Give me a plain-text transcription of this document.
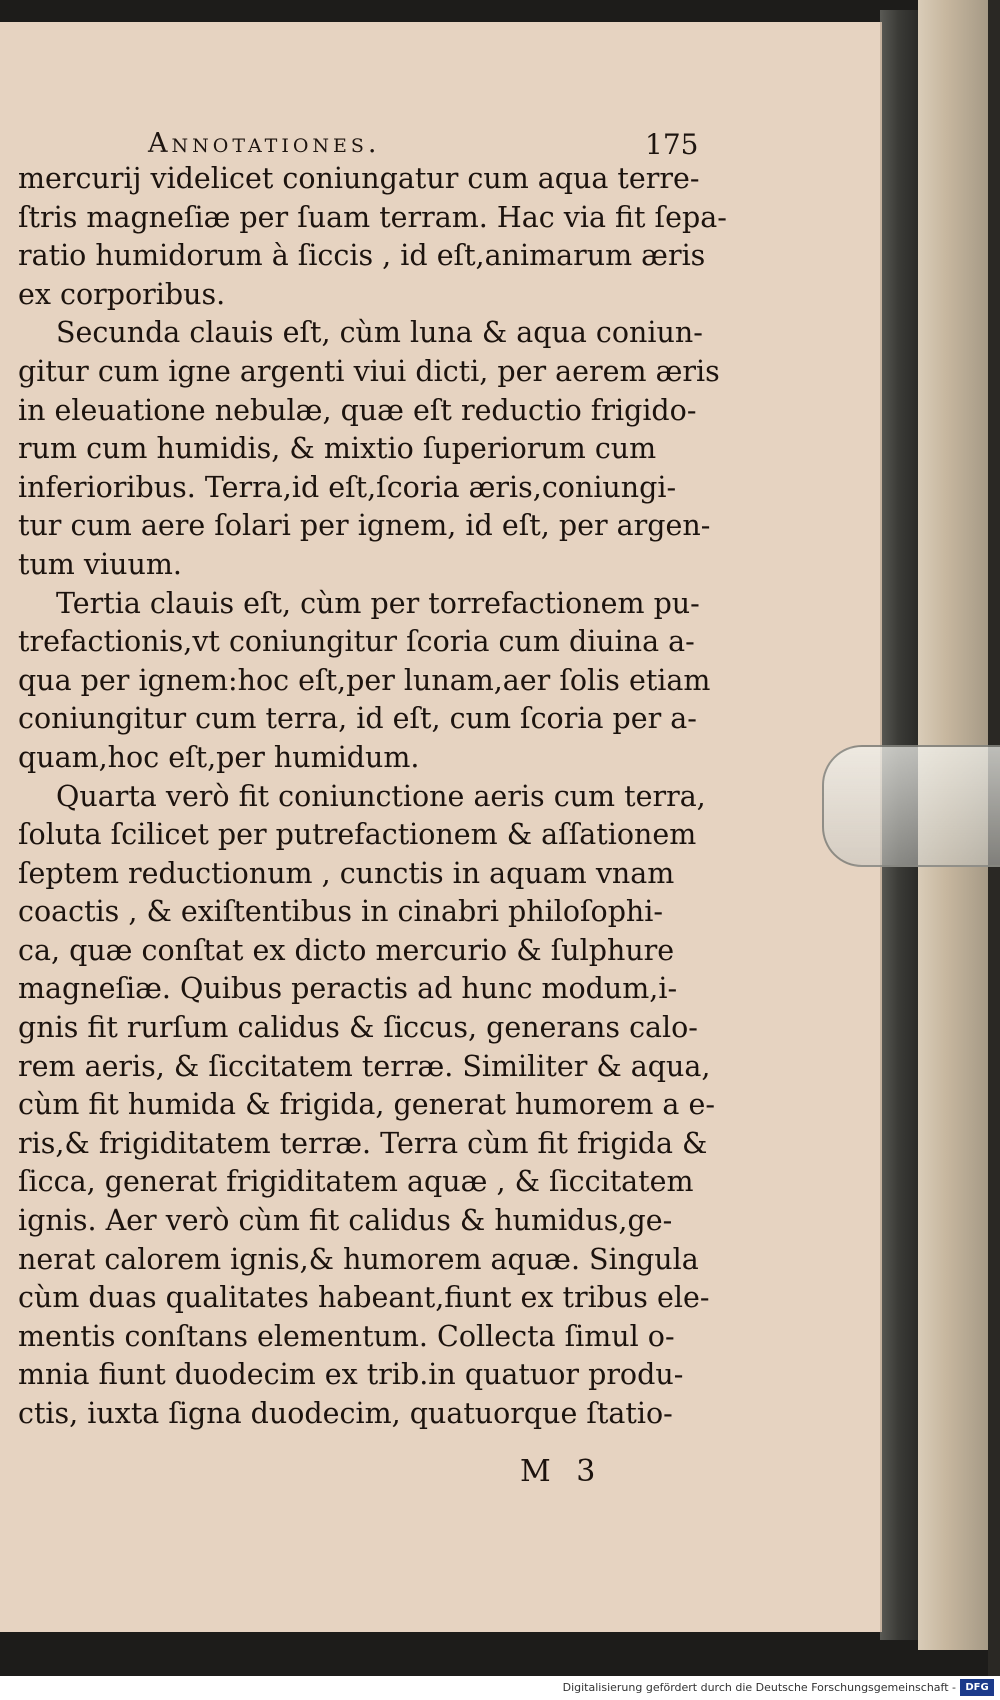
Annotationes.	175
mercurij videlicet coniungatur cum aqua terre-
ſtris magneſiæ per ſuam terram. Hac via fit ſepa-
ratio humidorum à ſiccis , id eſt,animarum æris
ex corporibus.
Secunda clauis eſt, cùm luna & aqua coniun-
gitur cum igne argenti viui dicti, per aerem æris
in eleuatione nebulæ, quæ eſt reductio frigido-
rum cum humidis, & mixtio ſuperiorum cum
inferioribus. Terra,id eſt,ſcoria æris,coniungi-
tur cum aere ſolari per ignem, id eſt, per argen-
tum viuum.
Tertia clauis eſt, cùm per torrefactionem pu-
trefactionis,vt coniungitur ſcoria cum diuina a-
qua per ignem:hoc eſt,per lunam,aer ſolis etiam
coniungitur cum terra, id eſt, cum ſcoria per a-
quam,hoc eſt,per humidum.
Quarta verò fit coniunctione aeris cum terra,
ſoluta ſcilicet per putrefactionem & aſſationem
ſeptem reductionum , cunctis in aquam vnam
coactis , & exiſtentibus in cinabri philoſophi-
ca, quæ conſtat ex dicto mercurio & ſulphure
magneſiæ. Quibus peractis ad hunc modum,i-
gnis fit rurſum calidus & ſiccus, generans calo-
rem aeris, & ſiccitatem terræ. Similiter & aqua,
cùm fit humida & frigida, generat humorem a e-
ris,& frigiditatem terræ. Terra cùm fit frigida &
ſicca, generat frigiditatem aquæ , & ſiccitatem
ignis. Aer verò cùm fit calidus & humidus,ge-
nerat calorem ignis,& humorem aquæ. Singula
cùm duas qualitates habeant,fiunt ex tribus ele-
mentis conſtans elementum. Collecta ſimul o-
mnia fiunt duodecim ex trib.in quatuor produ-
ctis, iuxta ſigna duodecim, quatuorque ſtatio-
M 3
Digitalisierung gefördert durch die Deutsche Forschungsgemeinschaft - DFG
